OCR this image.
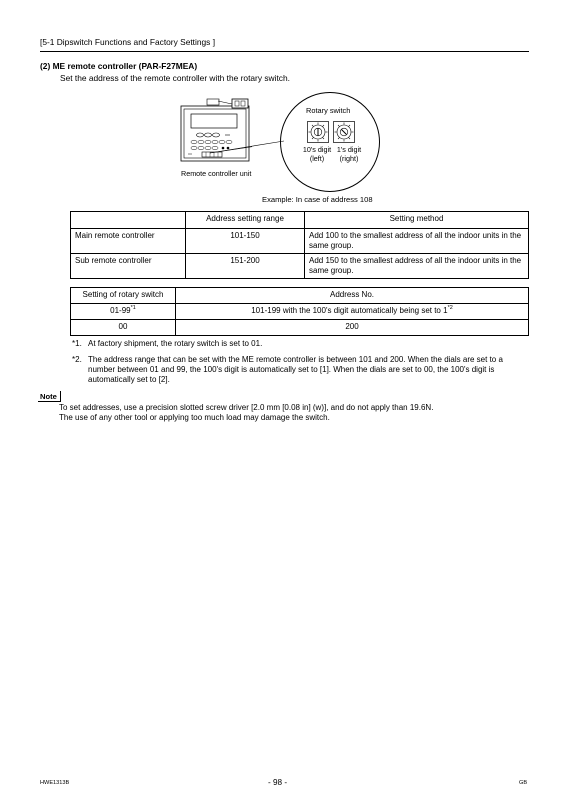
[5-1 Dipswitch Functions and Factory Settings ]
(2) ME remote controller (PAR-F27MEA)
Set the address of the remote controller with the rotary switch.
Remote controller unit
Rotary switch
10's digit
(left)
1's digit
(right)
Example: In case of address 108
	Address setting range	Setting method
Main remote controller	101-150	Add 100 to the smallest address of all the indoor units in the same group.
Sub remote controller	151-200	Add 150 to the smallest address of all the indoor units in the same group.
Setting of rotary switch	Address No.
01-99$^{*1}$	101-199 with the 100's digit automatically being set to 1$^{*2}$
00	200
*1. At factory shipment, the rotary switch is set to 01.
*2. The address range that can be set with the ME remote controller is between 101 and 200. When the dials are set to a number between 01 and 99, the 100's digit is automatically set to [1]. When the dials are set to 00, the 100's digit is automatically set to [2].
Note
To set addresses, use a precision slotted screw driver [2.0 mm [0.08 in] (w)], and do not apply than 19.6N.
The use of any other tool or applying too much load may damage the switch.
HWE1313B	- 98 -	GB
